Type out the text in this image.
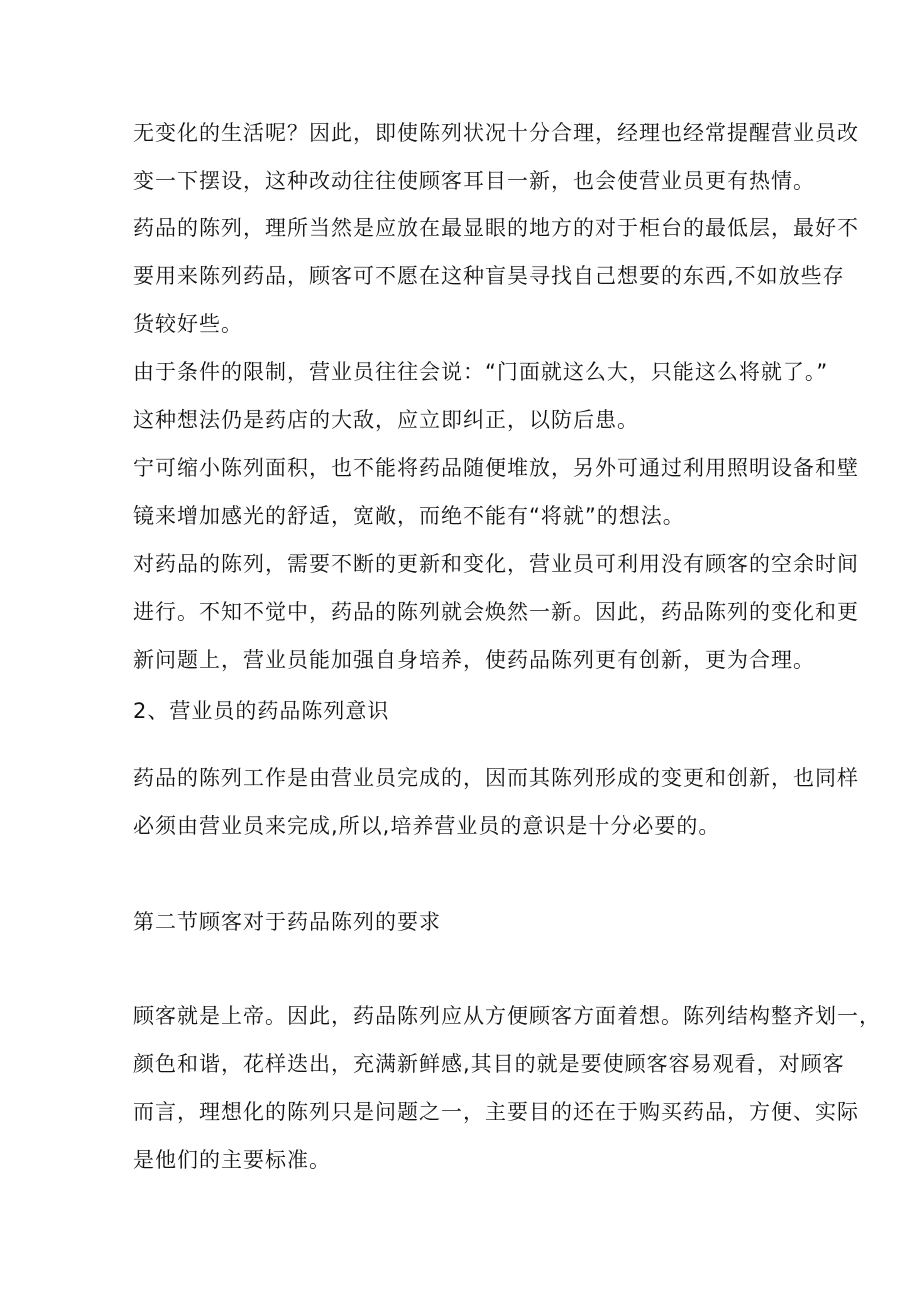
无变化的生活呢？因此，即使陈列状况十分合理，经理也经常提醒营业员改
变一下摆设，这种改动往往使顾客耳目一新，也会使营业员更有热情。
药品的陈列，理所当然是应放在最显眼的地方的对于柜台的最低层，最好不
要用来陈列药品，顾客可不愿在这种盲昊寻找自己想要的东西,不如放些存
货较好些。
由于条件的限制，营业员往往会说：“门面就这么大，只能这么将就了。”
这种想法仍是药店的大敌，应立即纠正，以防后患。
宁可缩小陈列面积，也不能将药品随便堆放，另外可通过利用照明设备和壁
镜来增加感光的舒适，宽敞，而绝不能有“将就”的想法。
对药品的陈列，需要不断的更新和变化，营业员可利用没有顾客的空余时间
进行。不知不觉中，药品的陈列就会焕然一新。因此，药品陈列的变化和更
新问题上，营业员能加强自身培养，使药品陈列更有创新，更为合理。
2、营业员的药品陈列意识
药品的陈列工作是由营业员完成的，因而其陈列形成的变更和创新，也同样
必须由营业员来完成,所以,培养营业员的意识是十分必要的。
第二节顾客对于药品陈列的要求
顾客就是上帝。因此，药品陈列应从方便顾客方面着想。陈列结构整齐划一，
颜色和谐，花样迭出，充满新鲜感,其目的就是要使顾客容易观看，对顾客
而言，理想化的陈列只是问题之一，主要目的还在于购买药品，方便、实际
是他们的主要标准。
